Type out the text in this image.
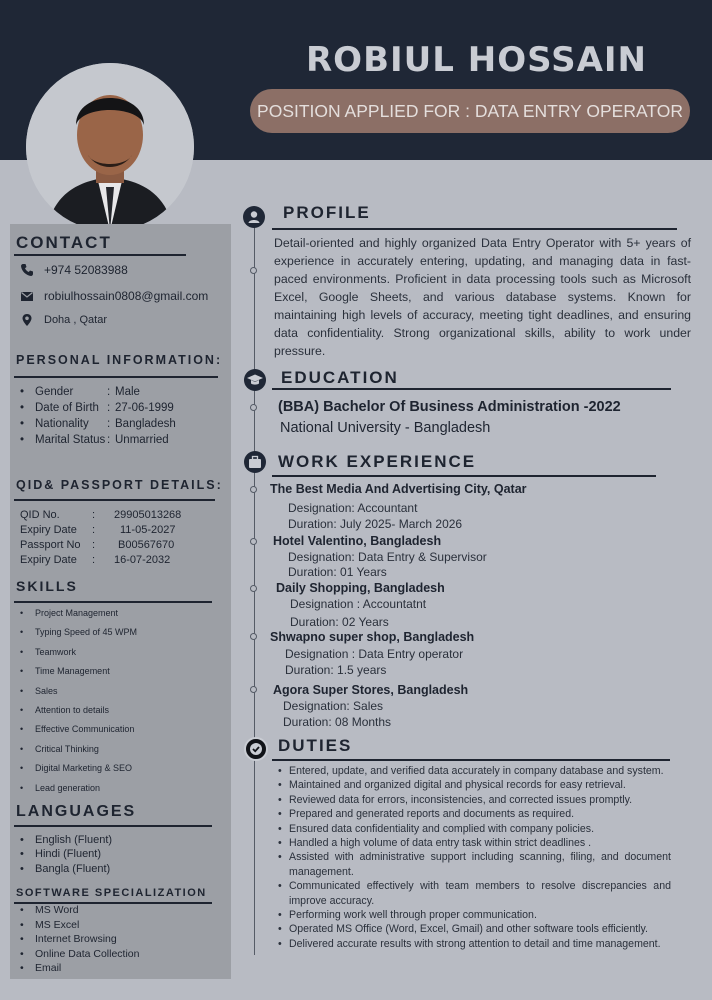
ROBIUL HOSSAIN
POSITION APPLIED FOR : DATA ENTRY OPERATOR
CONTACT
+974 52083988
robiulhossain0808@gmail.com
Doha , Qatar
PERSONAL INFORMATION:
• Gender	: Male
• Date of Birth : 27-06-1999
• Nationality	: Bangladesh
• Marital Status : Unmarried
QID& PASSPORT DETAILS:
QID No.	:	29905013268
Expiry Date	:	11-05-2027
Passport No	:	B00567670
Expiry Date	:	16-07-2032
SKILLS
• Project Management
• Typing Speed of 45 WPM
• Teamwork
• Time Management
• Sales
• Attention to details
• Effective Communication
• Critical Thinking
• Digital Marketing & SEO
• Lead generation
LANGUAGES
• English (Fluent)
• Hindi (Fluent)
• Bangla (Fluent)
SOFTWARE SPECIALIZATION
• MS Word
• MS Excel
• Internet Browsing
• Online Data Collection
• Email
PROFILE
Detail-oriented and highly organized Data Entry Operator with 5+ years of experience in accurately entering, updating, and managing data in fast-paced environments. Proficient in data processing tools such as Microsoft Excel, Google Sheets, and various database systems. Known for maintaining high levels of accuracy, meeting tight deadlines, and ensuring data confidentiality. Strong organizational skills, ability to work under pressure.
EDUCATION
(BBA) Bachelor Of Business Administration -2022
National University - Bangladesh
WORK EXPERIENCE
The Best Media And Advertising City, Qatar
Designation: Accountant
Duration: July 2025- March 2026
Hotel Valentino, Bangladesh
Designation: Data Entry & Supervisor
Duration: 01 Years
Daily Shopping, Bangladesh
Designation : Accountatnt
Duration: 02 Years
Shwapno super shop, Bangladesh
Designation : Data Entry operator
Duration: 1.5 years
Agora Super Stores, Bangladesh
Designation: Sales
Duration: 08 Months
DUTIES
• Entered, update, and verified data accurately in company database and system.
• Maintained and organized digital and physical records for easy retrieval.
• Reviewed data for errors, inconsistencies, and corrected issues promptly.
• Prepared and generated reports and documents as required.
• Ensured data confidentiality and complied with company policies.
• Handled a high volume of data entry task within strict deadlines .
• Assisted with administrative support including scanning, filing, and document management.
• Communicated effectively with team members to resolve discrepancies and improve accuracy.
• Performing work well through proper communication.
• Operated MS Office (Word, Excel, Gmail) and other software tools efficiently.
• Delivered accurate results with strong attention to detail and time management.
